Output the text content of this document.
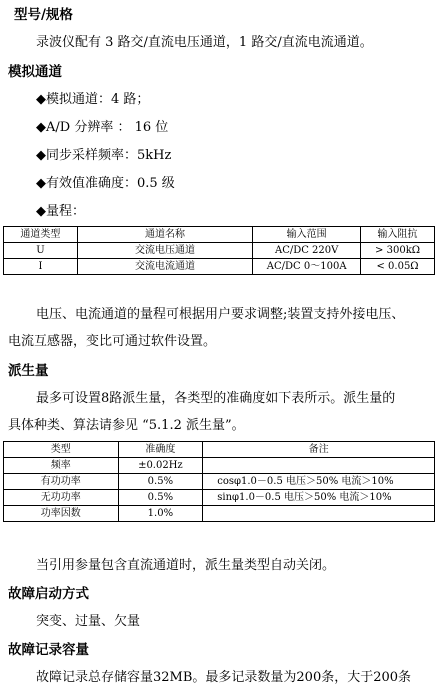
型号/规格
录波仪配有 3 路交/直流电压通道，1 路交/直流电流通道。
模拟通道
◆模拟通道：4 路；
◆A/D 分辨率 ： 16 位
◆同步采样频率：5kHz
◆有效值准确度：0.5 级
◆量程：
通道类型	通道名称	输入范围	输入阻抗
U	交流电压通道	AC/DC 220V	> 300kΩ
I	交流电流通道	AC/DC 0～100A	< 0.05Ω
电压、电流通道的量程可根据用户要求调整;装置支持外接电压、
电流互感器，变比可通过软件设置。
派生量
最多可设置8路派生量，各类型的准确度如下表所示。派生量的
具体种类、算法请参见 “5.1.2 派生量”。
类型	准确度	备注
频率	±0.02Hz	
有功功率	0.5%	cosφ1.0－0.5 电压＞50% 电流＞10%
无功功率	0.5%	sinφ1.0－0.5 电压＞50% 电流＞10%
功率因数	1.0%	
当引用参量包含直流通道时，派生量类型自动关闭。
故障启动方式
突变、过量、欠量
故障记录容量
故障记录总存储容量32MB。最多记录数量为200条，大于200条
